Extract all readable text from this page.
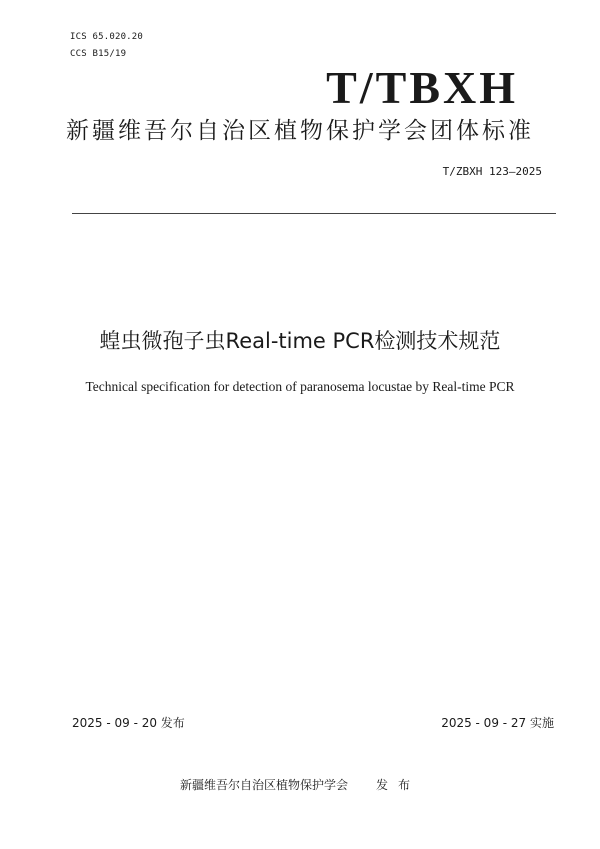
ICS 65.020.20
CCS B15/19
T/TBXH
新疆维吾尔自治区植物保护学会团体标准
T/ZBXH 123—2025
蝗虫微孢子虫Real-time PCR检测技术规范
Technical specification for detection of paranosema locustae by Real-time PCR
2025 - 09 - 20 发布	2025 - 09 - 27 实施
新疆维吾尔自治区植物保护学会 发布
